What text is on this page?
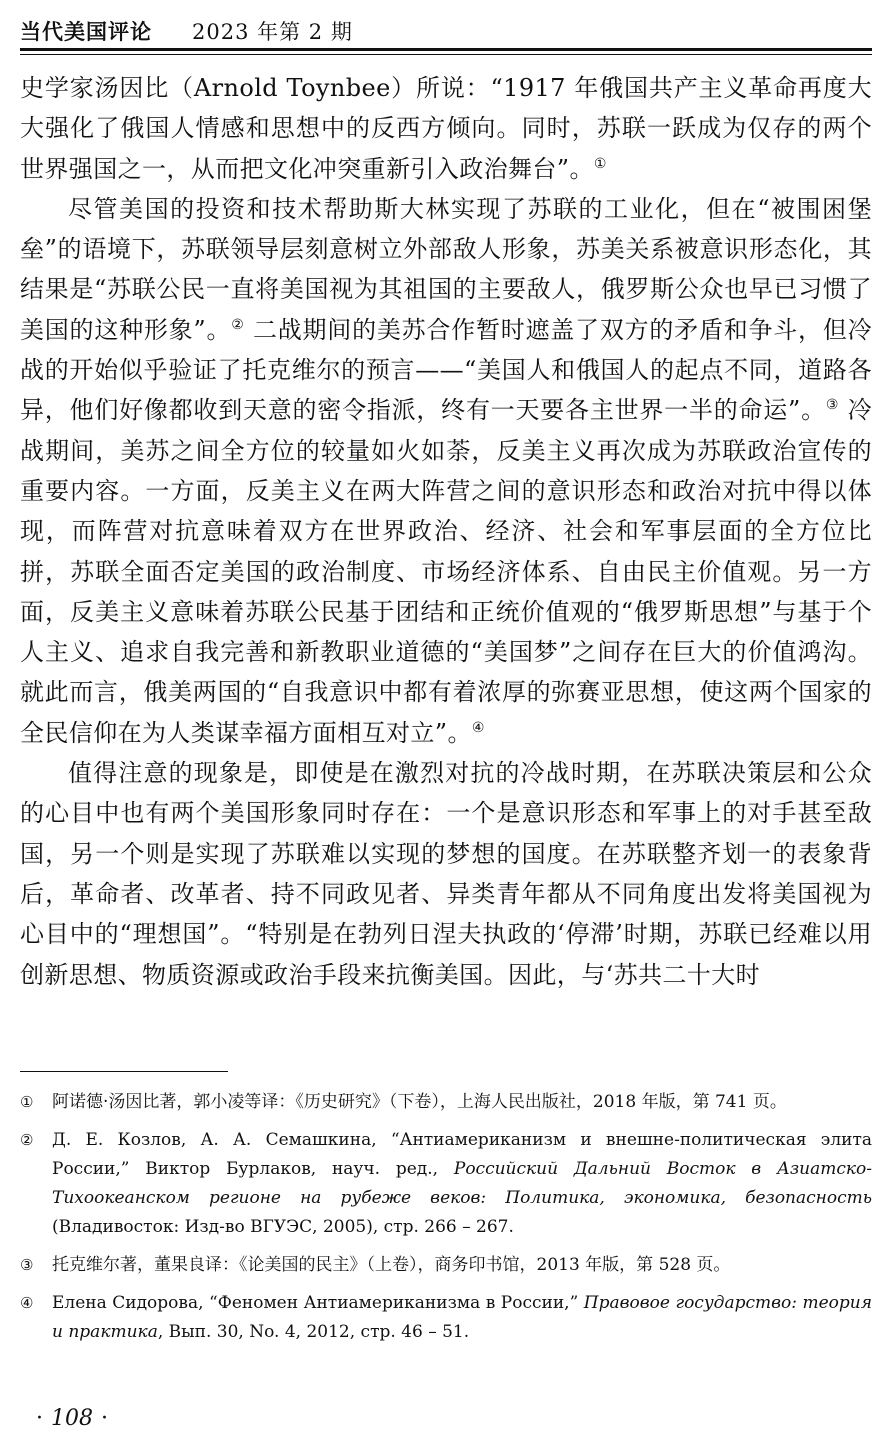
当代美国评论 2023 年第 2 期

史学家汤因比（Arnold Toynbee）所说：“1917 年俄国共产主义革命再度大大强化了俄国人情感和思想中的反西方倾向。同时，苏联一跃成为仅存的两个世界强国之一，从而把文化冲突重新引入政治舞台”。①

尽管美国的投资和技术帮助斯大林实现了苏联的工业化，但在“被围困堡垒”的语境下，苏联领导层刻意树立外部敌人形象，苏美关系被意识形态化，其结果是“苏联公民一直将美国视为其祖国的主要敌人，俄罗斯公众也早已习惯了美国的这种形象”。② 二战期间的美苏合作暂时遮盖了双方的矛盾和争斗，但冷战的开始似乎验证了托克维尔的预言——“美国人和俄国人的起点不同，道路各异，他们好像都收到天意的密令指派，终有一天要各主世界一半的命运”。③ 冷战期间，美苏之间全方位的较量如火如荼，反美主义再次成为苏联政治宣传的重要内容。一方面，反美主义在两大阵营之间的意识形态和政治对抗中得以体现，而阵营对抗意味着双方在世界政治、经济、社会和军事层面的全方位比拼，苏联全面否定美国的政治制度、市场经济体系、自由民主价值观。另一方面，反美主义意味着苏联公民基于团结和正统价值观的“俄罗斯思想”与基于个人主义、追求自我完善和新教职业道德的“美国梦”之间存在巨大的价值鸿沟。就此而言，俄美两国的“自我意识中都有着浓厚的弥赛亚思想，使这两个国家的全民信仰在为人类谋幸福方面相互对立”。④

值得注意的现象是，即使是在激烈对抗的冷战时期，在苏联决策层和公众的心目中也有两个美国形象同时存在：一个是意识形态和军事上的对手甚至敌国，另一个则是实现了苏联难以实现的梦想的国度。在苏联整齐划一的表象背后，革命者、改革者、持不同政见者、异类青年都从不同角度出发将美国视为心目中的“理想国”。“特别是在勃列日涅夫执政的‘停滞’时期，苏联已经难以用创新思想、物质资源或政治手段来抗衡美国。因此，与‘苏共二十大时

① 阿诺德·汤因比著，郭小凌等译：《历史研究》（下卷），上海人民出版社，2018 年版，第 741 页。
② Д. Е. Козлов, А. А. Семашкина, “Антиамериканизм и внешне-политическая элита России,” Виктор Бурлаков, науч. ред., Российский Дальний Восток в Азиатско-Тихоокеанском регионе на рубеже веков: Политика, экономика, безопасность (Владивосток: Изд-во ВГУЭС, 2005), стр. 266 – 267.
③ 托克维尔著，董果良译：《论美国的民主》（上卷），商务印书馆，2013 年版，第 528 页。
④ Елена Сидорова, “Феномен Антиамериканизма в России,” Правовое государство: теория и практика, Вып. 30, No. 4, 2012, стр. 46 – 51.
· 108 ·
